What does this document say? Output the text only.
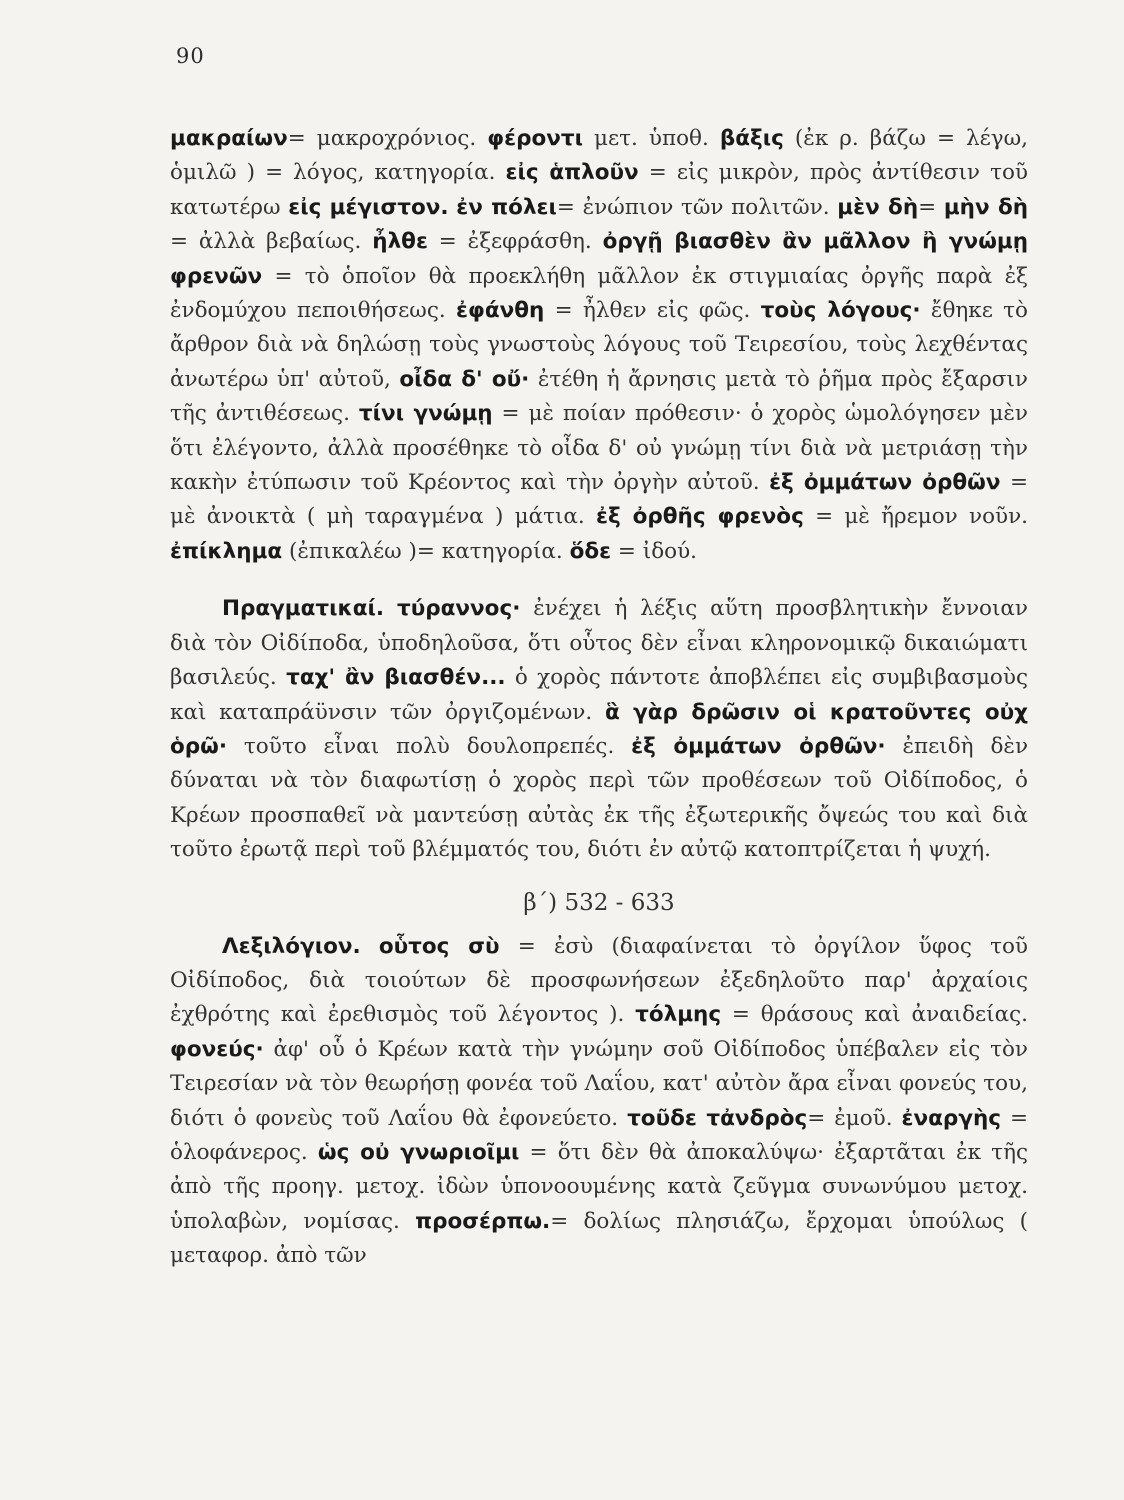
90

μακραίων= μακροχρόνιος. φέροντι μετ. ὑποθ. βάξις (ἐκ ρ. βάζω = λέγω, ὁμιλῶ ) = λόγος, κατηγορία. εἰς ἁπλοῦν = εἰς μικρὸν, πρὸς ἀντίθεσιν τοῦ κατωτέρω εἰς μέγιστον. ἐν πόλει= ἐνώπιον τῶν πολιτῶν. μὲν δὴ= μὴν δὴ = ἀλλὰ βεβαίως. ἦλθε = ἐξεφράσθη. ὀργῇ βιασθὲν ἂν μᾶλλον ἢ γνώμῃ φρενῶν = τὸ ὁποῖον θὰ προεκλήθη μᾶλλον ἐκ στιγμιαίας ὀργῆς παρὰ ἐξ ἐνδομύχου πεποιθήσεως. ἐφάνθη = ἦλθεν εἰς φῶς. τοὺς λόγους· ἔθηκε τὸ ἄρθρον διὰ νὰ δηλώσῃ τοὺς γνωστοὺς λόγους τοῦ Τειρεσίου, τοὺς λεχθέντας ἀνωτέρω ὑπ' αὐτοῦ, οἶδα δ' οὔ· ἐτέθη ἡ ἄρνησις μετὰ τὸ ῥῆμα πρὸς ἔξαρσιν τῆς ἀντιθέσεως. τίνι γνώμῃ = μὲ ποίαν πρόθεσιν· ὁ χορὸς ὡμολόγησεν μὲν ὅτι ἐλέγοντο, ἀλλὰ προσέθηκε τὸ οἶδα δ' οὐ γνώμῃ τίνι διὰ νὰ μετριάσῃ τὴν κακὴν ἐτύπωσιν τοῦ Κρέοντος καὶ τὴν ὀργὴν αὐτοῦ. ἐξ ὀμμάτων ὀρθῶν = μὲ ἀνοικτὰ ( μὴ ταραγμένα ) μάτια. ἐξ ὀρθῆς φρενὸς = μὲ ἤρεμον νοῦν. ἐπίκλημα (ἐπικαλέω )= κατηγορία. ὅδε = ἰδού.

Πραγματικαί. τύραννος· ἐνέχει ἡ λέξις αὕτη προσβλητικὴν ἔννοιαν διὰ τὸν Οἰδίποδα, ὑποδηλοῦσα, ὅτι οὗτος δὲν εἶναι κληρονομικῷ δικαιώματι βασιλεύς. ταχ' ἂν βιασθέν... ὁ χορὸς πάντοτε ἀποβλέπει εἰς συμβιβασμοὺς καὶ καταπράϋνσιν τῶν ὀργιζομένων. ἃ γὰρ δρῶσιν οἱ κρατοῦντες οὐχ ὁρῶ· τοῦτο εἶναι πολὺ δουλοπρεπές. ἐξ ὀμμάτων ὀρθῶν· ἐπειδὴ δὲν δύναται νὰ τὸν διαφωτίσῃ ὁ χορὸς περὶ τῶν προθέσεων τοῦ Οἰδίποδος, ὁ Κρέων προσπαθεῖ νὰ μαντεύσῃ αὐτὰς ἐκ τῆς ἐξωτερικῆς ὄψεώς του καὶ διὰ τοῦτο ἐρωτᾷ περὶ τοῦ βλέμματός του, διότι ἐν αὐτῷ κατοπτρίζεται ἡ ψυχή.

β΄) 532 - 633

Λεξιλόγιον. οὗτος σὺ = ἐσὺ (διαφαίνεται τὸ ὀργίλον ὕφος τοῦ Οἰδίποδος, διὰ τοιούτων δὲ προσφωνήσεων ἐξεδηλοῦτο παρ' ἀρχαίοις ἐχθρότης καὶ ἐρεθισμὸς τοῦ λέγοντος ). τόλμης = θράσους καὶ ἀναιδείας. φονεύς· ἀφ' οὗ ὁ Κρέων κατὰ τὴν γνώμην σοῦ Οἰδίποδος ὑπέβαλεν εἰς τὸν Τειρεσίαν νὰ τὸν θεωρήσῃ φονέα τοῦ Λαΐου, κατ' αὐτὸν ἄρα εἶναι φονεύς του, διότι ὁ φονεὺς τοῦ Λαΐου θὰ ἐφονεύετο. τοῦδε τἀνδρὸς= ἐμοῦ. ἐναργὴς = ὁλοφάνερος. ὡς οὐ γνωριοῖμι = ὅτι δὲν θὰ ἀποκαλύψω· ἐξαρτᾶται ἐκ τῆς ἀπὸ τῆς προηγ. μετοχ. ἰδὼν ὑπονοουμένης κατὰ ζεῦγμα συνωνύμου μετοχ. ὑπολαβὼν, νομίσας. προσέρπω.= δολίως πλησιάζω, ἔρχομαι ὑπούλως ( μεταφορ. ἀπὸ τῶν
